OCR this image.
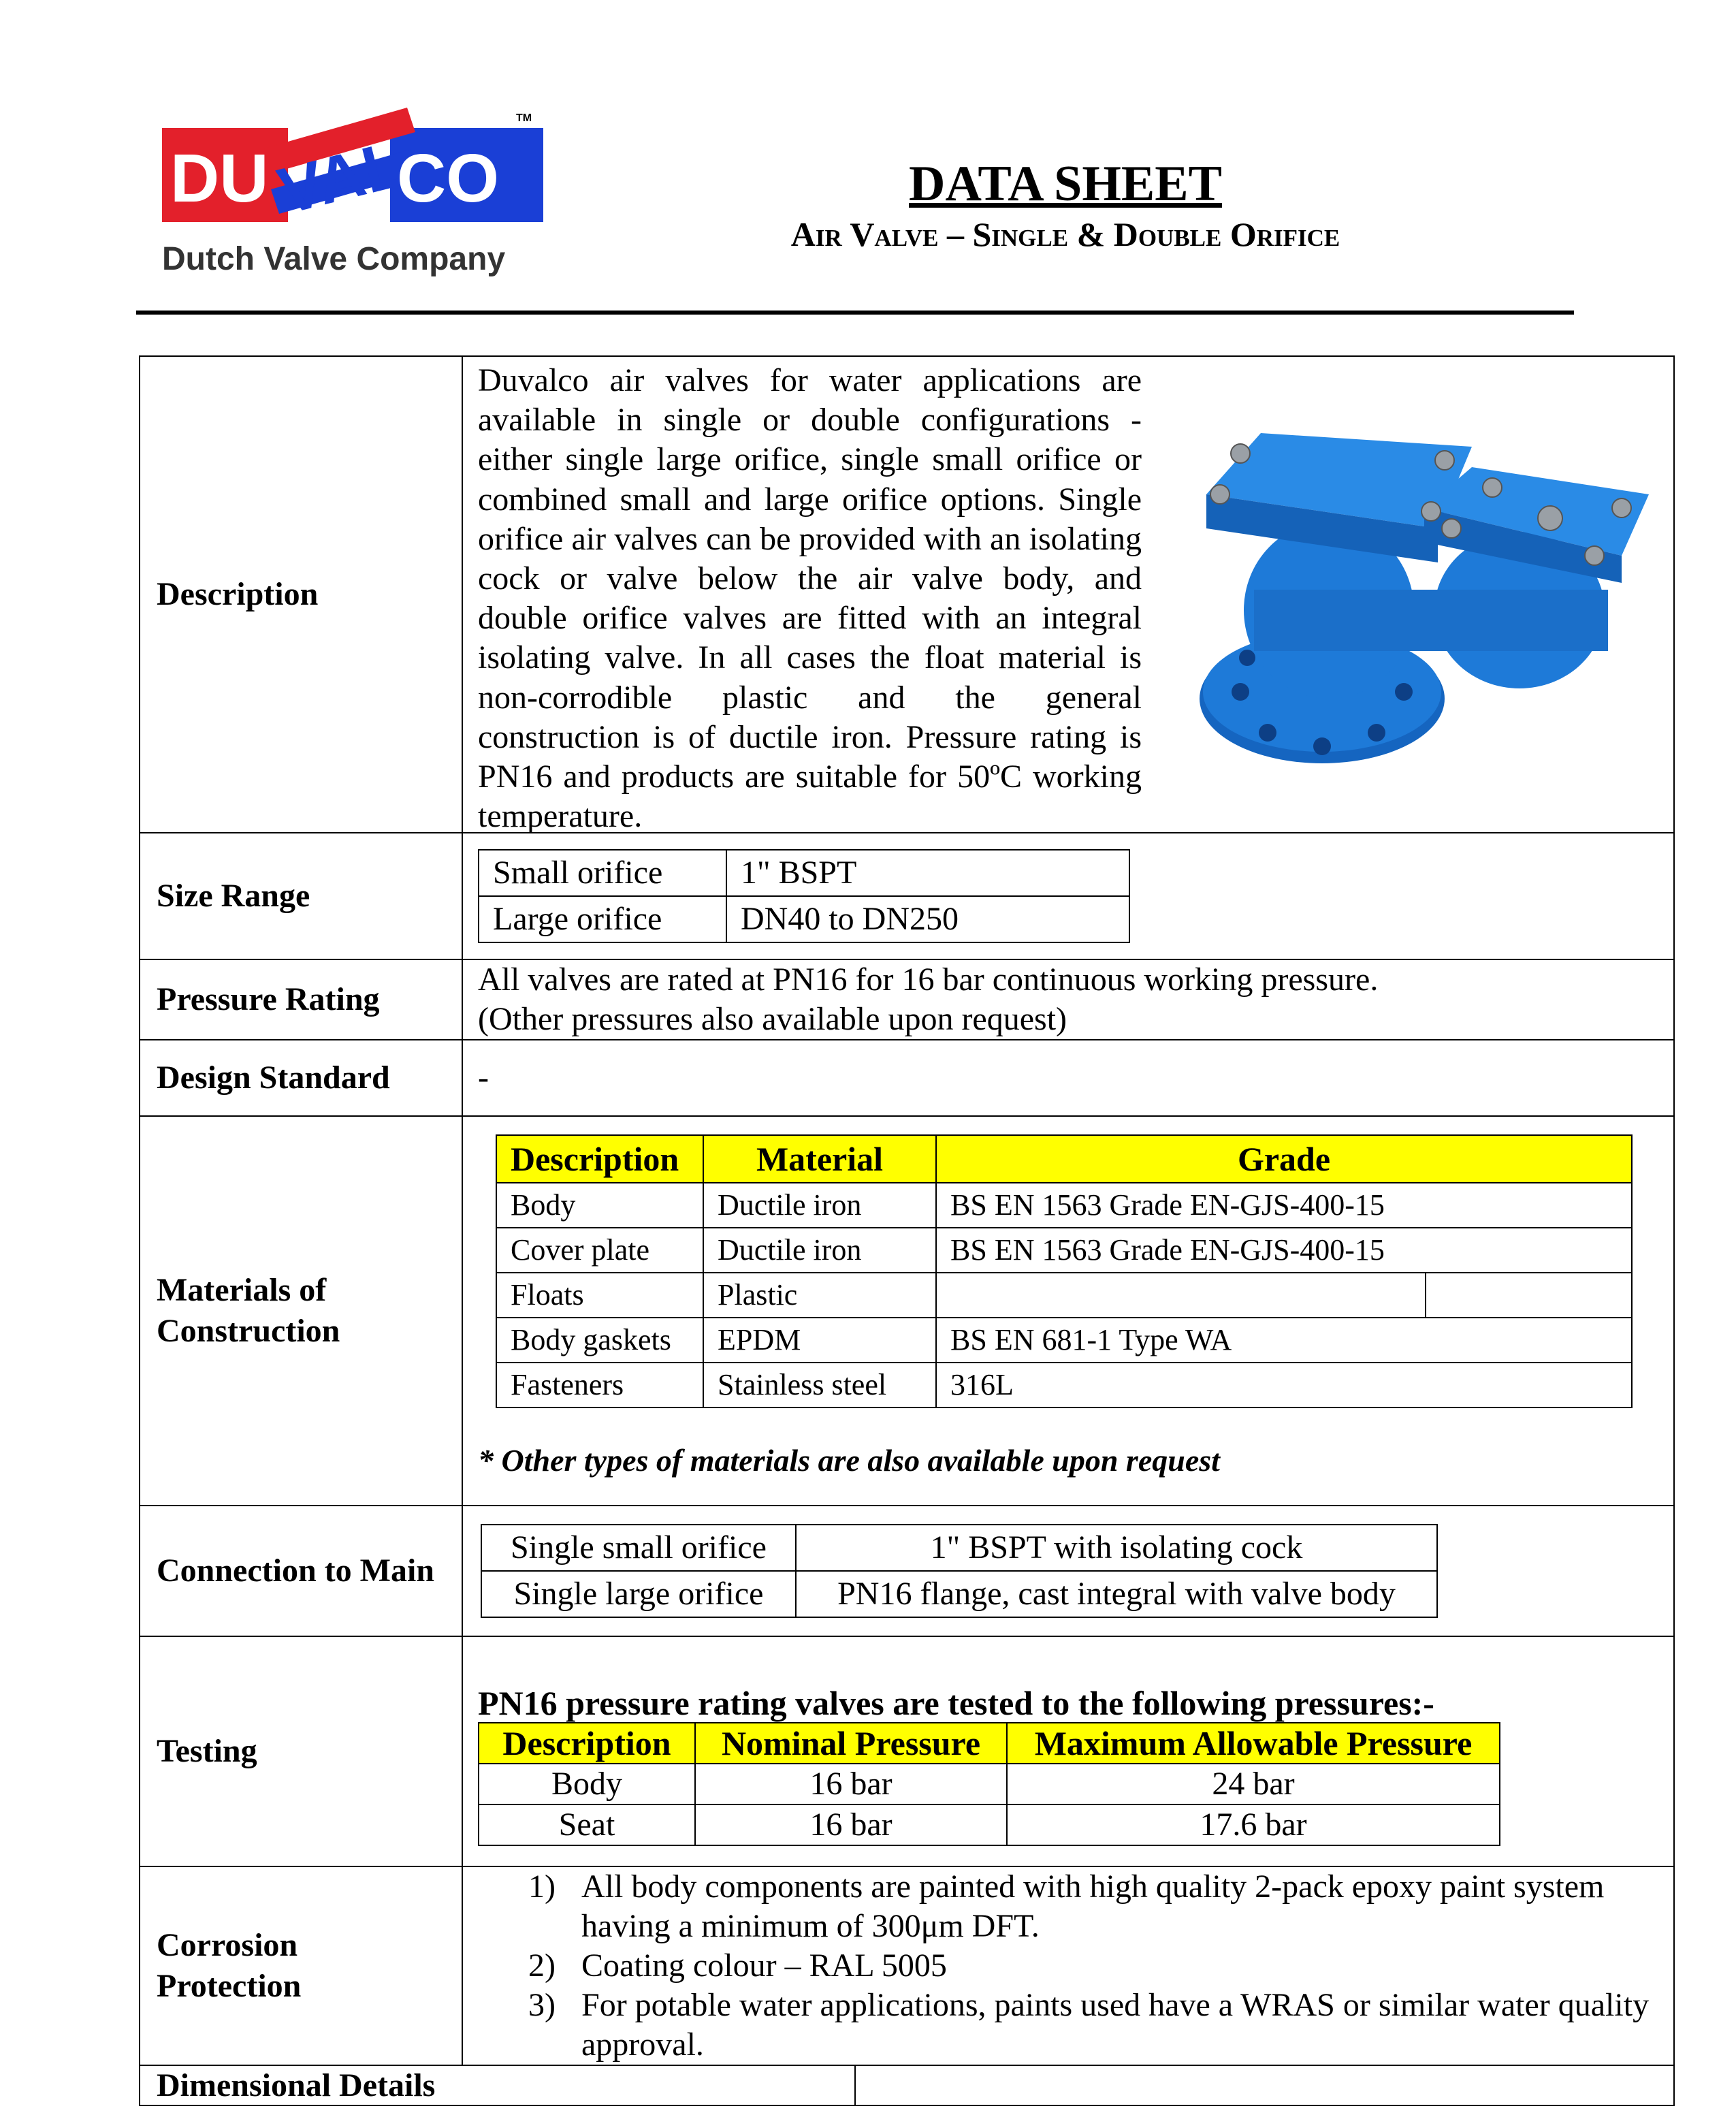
DU VAL
CO
TM
Dutch Valve Company
DATA SHEET
Air Valve – Single & Double Orifice
Description	
Duvalco air valves for water applications are available in single or double configurations - either single large orifice, single small orifice or combined small and large orifice options. Single orifice air valves can be provided with an isolating cock or valve below the air valve body, and double orifice valves are fitted with an integral isolating valve. In all cases the float material is non-corrodible plastic and the general construction is of ductile iron. Pressure rating is PN16 and products are suitable for 50ºC working temperature.

Size Range	
Small orifice	1" BSPT
Large orifice	DN40 to DN250

Pressure Rating	
All valves are rated at PN16 for 16 bar continuous working pressure.
(Other pressures also available upon request)

Design Standard	-

Materials of
Construction

Description	Material	Grade
Body	Ductile iron	BS EN 1563 Grade EN-GJS-400-15
Cover plate	Ductile iron	BS EN 1563 Grade EN-GJS-400-15
Floats	Plastic		
Body gaskets	EPDM	BS EN 681-1 Type WA
Fasteners	Stainless steel	316L
* Other types of materials are also available upon request

Connection to Main	
Single small orifice	1" BSPT with isolating cock
Single large orifice	PN16 flange, cast integral with valve body

Testing	
PN16 pressure rating valves are tested to the following pressures:-
Description	Nominal Pressure	Maximum Allowable Pressure
Body	16 bar	24 bar
Seat	16 bar	17.6 bar

Corrosion
Protection

1) All body components are painted with high quality 2-pack epoxy paint system having a minimum of 300μm DFT.
2) Coating colour – RAL 5005
3) For potable water applications, paints used have a WRAS or similar water quality approval.
Dimensional Details	
